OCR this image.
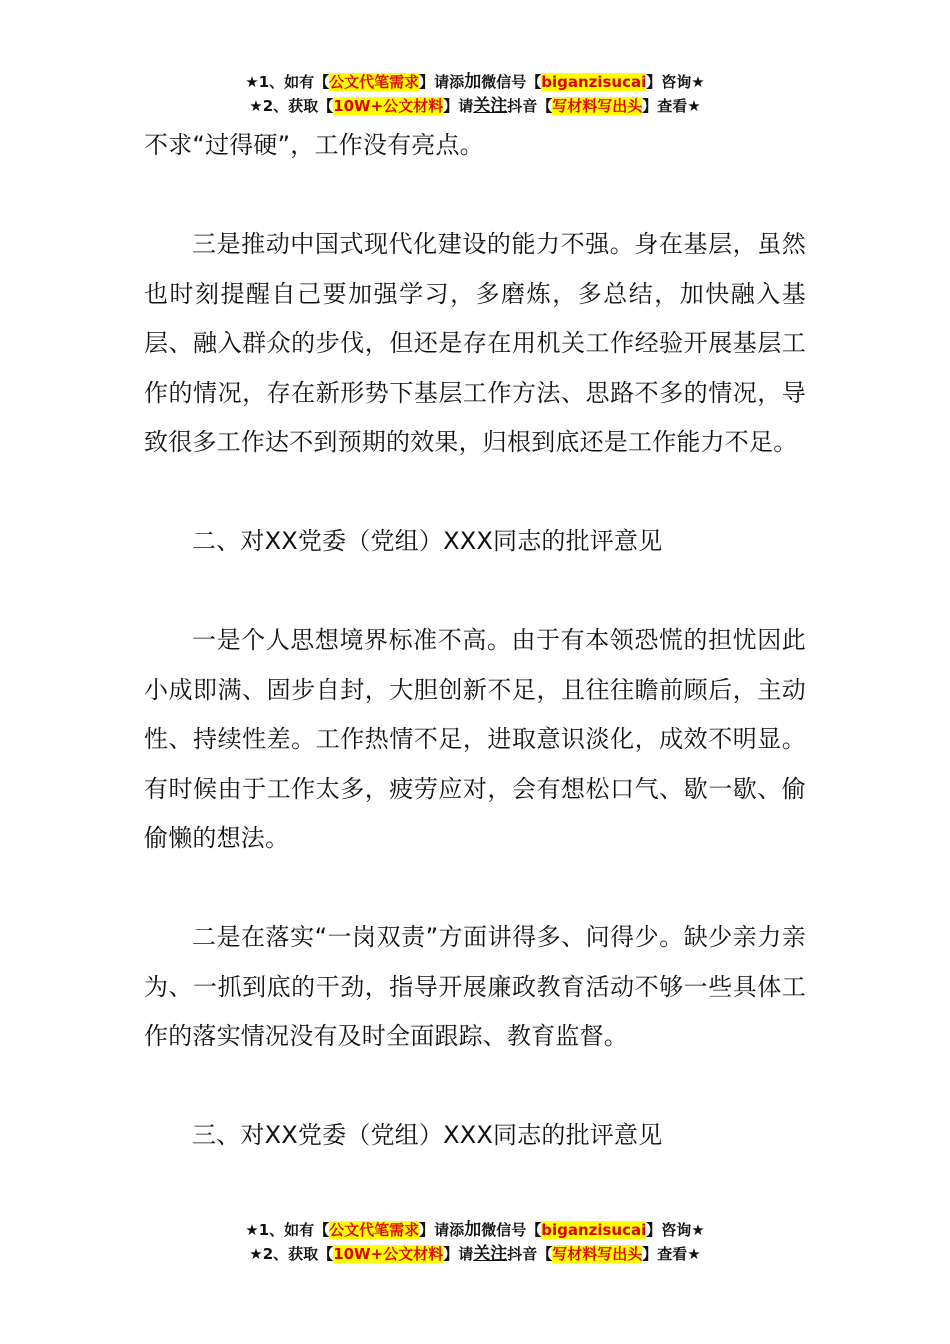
★1、如有【公文代笔需求】请添加微信号【biganzisucai】咨询★
★2、获取【10W+公文材料】请关注抖音【写材料写出头】查看★

不求“过得硬”，工作没有亮点。

三是推动中国式现代化建设的能力不强。身在基层，虽然也时刻提醒自己要加强学习，多磨炼，多总结，加快融入基层、融入群众的步伐，但还是存在用机关工作经验开展基层工作的情况，存在新形势下基层工作方法、思路不多的情况，导致很多工作达不到预期的效果，归根到底还是工作能力不足。

二、对XX党委（党组）XXX同志的批评意见

一是个人思想境界标准不高。由于有本领恐慌的担忧因此小成即满、固步自封，大胆创新不足，且往往瞻前顾后，主动性、持续性差。工作热情不足，进取意识淡化，成效不明显。有时候由于工作太多，疲劳应对，会有想松口气、歇一歇、偷偷懒的想法。

二是在落实“一岗双责”方面讲得多、问得少。缺少亲力亲为、一抓到底的干劲，指导开展廉政教育活动不够一些具体工作的落实情况没有及时全面跟踪、教育监督。

三、对XX党委（党组）XXX同志的批评意见

★1、如有【公文代笔需求】请添加微信号【biganzisucai】咨询★
★2、获取【10W+公文材料】请关注抖音【写材料写出头】查看★
